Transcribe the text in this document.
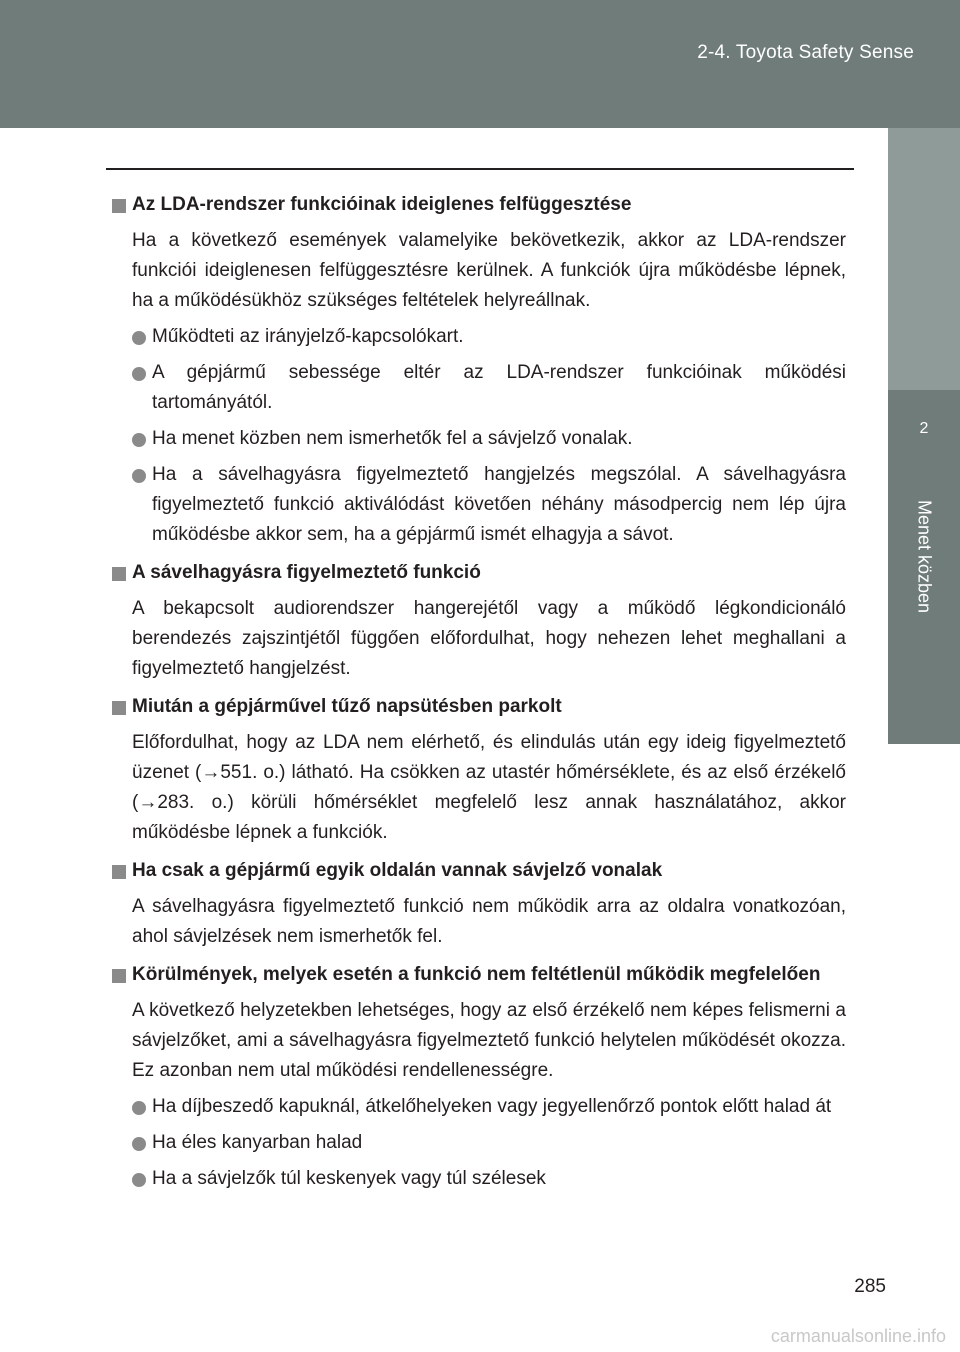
2-4. Toyota Safety Sense
2
Menet közben
Az LDA-rendszer funkcióinak ideiglenes felfüggesztése
Ha a következő események valamelyike bekövetkezik, akkor az LDA-rendszer funkciói ideiglenesen felfüggesztésre kerülnek. A funkciók újra működésbe lépnek, ha a működésükhöz szükséges feltételek helyreállnak.
Működteti az irányjelző-kapcsolókart.
A gépjármű sebessége eltér az LDA-rendszer funkcióinak működési tartományától.
Ha menet közben nem ismerhetők fel a sávjelző vonalak.
Ha a sávelhagyásra figyelmeztető hangjelzés megszólal. A sávelhagyásra figyelmeztető funkció aktiválódást követően néhány másodpercig nem lép újra működésbe akkor sem, ha a gépjármű ismét elhagyja a sávot.
A sávelhagyásra figyelmeztető funkció
A bekapcsolt audiorendszer hangerejétől vagy a működő légkondicionáló berendezés zajszintjétől függően előfordulhat, hogy nehezen lehet meghallani a figyelmeztető hangjelzést.
Miután a gépjárművel tűző napsütésben parkolt
Előfordulhat, hogy az LDA nem elérhető, és elindulás után egy ideig figyelmeztető üzenet (→551. o.) látható. Ha csökken az utastér hőmérséklete, és az első érzékelő (→283. o.) körüli hőmérséklet megfelelő lesz annak használatához, akkor működésbe lépnek a funkciók.
Ha csak a gépjármű egyik oldalán vannak sávjelző vonalak
A sávelhagyásra figyelmeztető funkció nem működik arra az oldalra vonatkozóan, ahol sávjelzések nem ismerhetők fel.
Körülmények, melyek esetén a funkció nem feltétlenül működik megfelelően
A következő helyzetekben lehetséges, hogy az első érzékelő nem képes felismerni a sávjelzőket, ami a sávelhagyásra figyelmeztető funkció helytelen működését okozza. Ez azonban nem utal működési rendellenességre.
Ha díjbeszedő kapuknál, átkelőhelyeken vagy jegyellenőrző pontok előtt halad át
Ha éles kanyarban halad
Ha a sávjelzők túl keskenyek vagy túl szélesek
285
carmanualsonline.info
